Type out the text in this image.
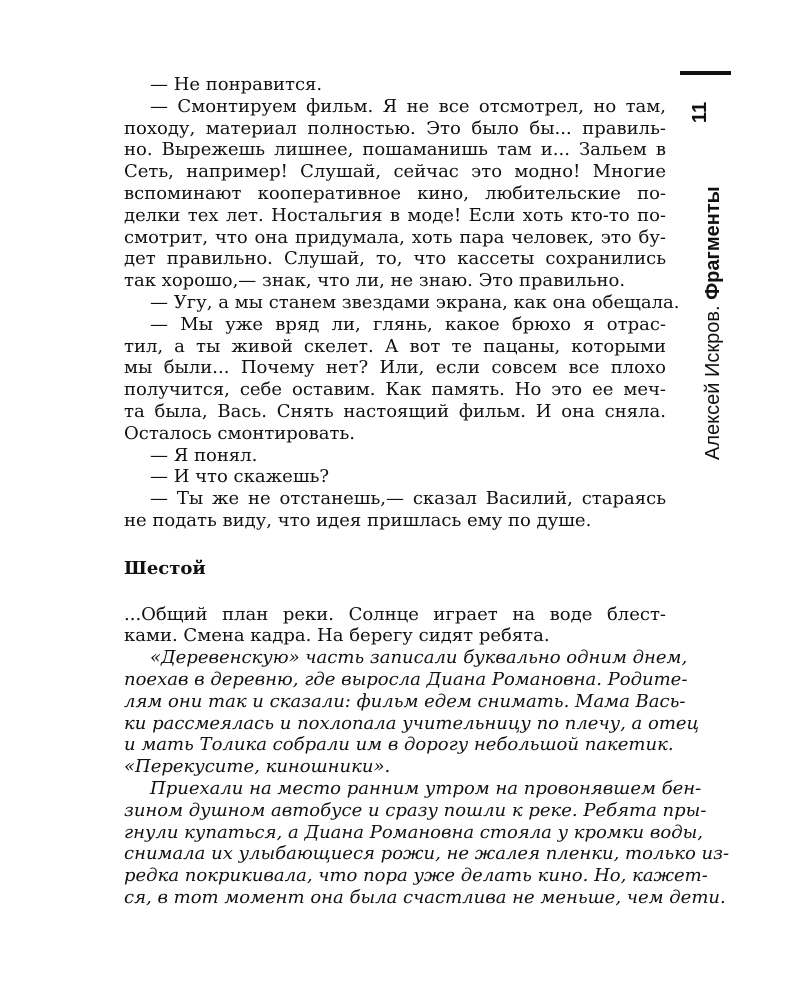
11
Алексей Искров. Фрагменты
— Не понравится.
— Смонтируем фильм. Я не все отсмотрел, но там,
походу, материал полностью. Это было бы... правиль-
но. Вырежешь лишнее, пошаманишь там и... Зальем в
Сеть, например! Слушай, сейчас это модно! Многие
вспоминают кооперативное кино, любительские по-
делки тех лет. Ностальгия в моде! Если хоть кто-то по-
смотрит, что она придумала, хоть пара человек, это бу-
дет правильно. Слушай, то, что кассеты сохранились
так хорошо,— знак, что ли, не знаю. Это правильно.
— Угу, а мы станем звездами экрана, как она обещала.
— Мы уже вряд ли, глянь, какое брюхо я отрас-
тил, а ты живой скелет. А вот те пацаны, которыми
мы были... Почему нет? Или, если совсем все плохо
получится, себе оставим. Как память. Но это ее меч-
та была, Вась. Снять настоящий фильм. И она сняла.
Осталось смонтировать.
— Я понял.
— И что скажешь?
— Ты же не отстанешь,— сказал Василий, стараясь
не подать виду, что идея пришлась ему по душе.
Шестой
...Общий план реки. Солнце играет на воде блест-
ками. Смена кадра. На берегу сидят ребята.
«Деревенскую» часть записали буквально одним днем,
поехав в деревню, где выросла Диана Романовна. Родите-
лям они так и сказали: фильм едем снимать. Мама Вась-
ки рассмеялась и похлопала учительницу по плечу, а отец
и мать Толика собрали им в дорогу небольшой пакетик.
«Перекусите, киношники».
Приехали на место ранним утром на провонявшем бен-
зином душном автобусе и сразу пошли к реке. Ребята пры-
гнули купаться, а Диана Романовна стояла у кромки воды,
снимала их улыбающиеся рожи, не жалея пленки, только из-
редка покрикивала, что пора уже делать кино. Но, кажет-
ся, в тот момент она была счастлива не меньше, чем дети.
